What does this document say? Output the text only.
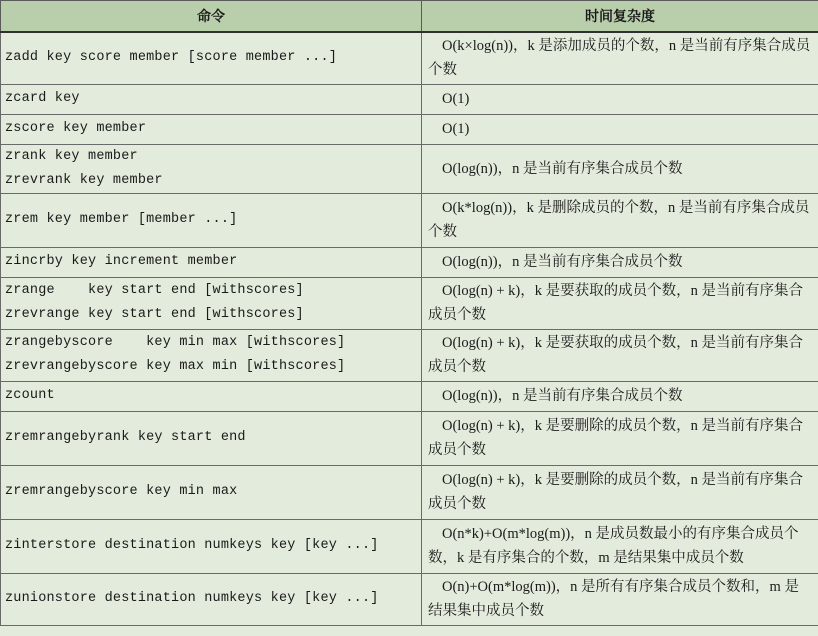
命令	时间复杂度

zadd key score member [score member ...]	O(k×log(n))，k 是添加成员的个数，n 是当前有序集合成员个数

zcard key	O(1)

zscore key member	O(1)

zrank key member
zrevrank key member	O(log(n))，n 是当前有序集合成员个数

zrem key member [member ...]	O(k*log(n))，k 是删除成员的个数，n 是当前有序集合成员个数

zincrby key increment member	O(log(n))，n 是当前有序集合成员个数

zrange    key start end [withscores]
zrevrange key start end [withscores]	O(log(n) + k)，k 是要获取的成员个数，n 是当前有序集合成员个数

zrangebyscore    key min max [withscores]
zrevrangebyscore key max min [withscores]	O(log(n) + k)，k 是要获取的成员个数，n 是当前有序集合成员个数

zcount	O(log(n))，n 是当前有序集合成员个数

zremrangebyrank key start end	O(log(n) + k)，k 是要删除的成员个数，n 是当前有序集合成员个数

zremrangebyscore key min max	O(log(n) + k)，k 是要删除的成员个数，n 是当前有序集合成员个数

zinterstore destination numkeys key [key ...]	O(n*k)+O(m*log(m))，n 是成员数最小的有序集合成员个数，k 是有序集合的个数，m 是结果集中成员个数

zunionstore destination numkeys key [key ...]	O(n)+O(m*log(m))，n 是所有有序集合成员个数和，m 是结果集中成员个数
